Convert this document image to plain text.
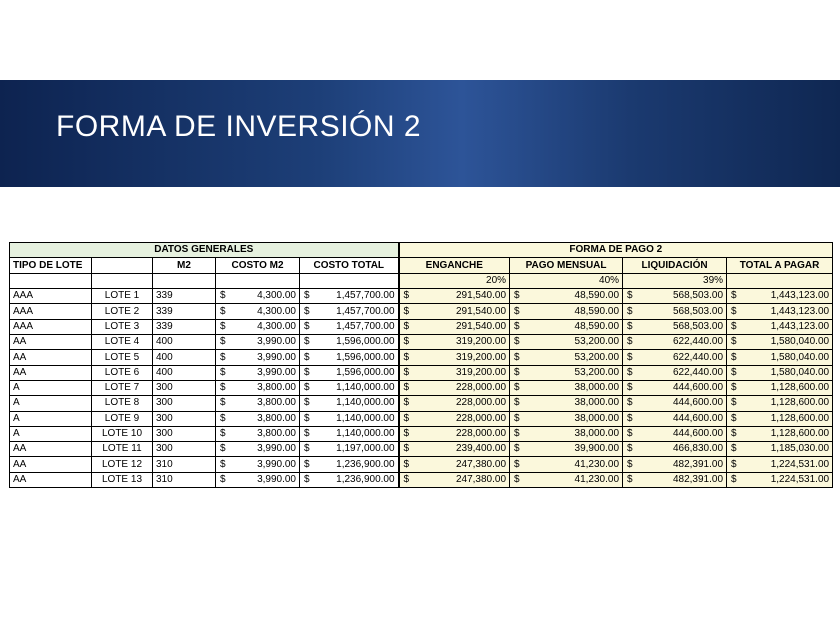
FORMA DE INVERSIÓN 2
DATOS GENERALES					FORMA DE PAGO 2			
TIPO DE LOTE		M2	COSTO M2	COSTO TOTAL	ENGANCHE	PAGO MENSUAL	LIQUIDACIÓN	TOTAL A PAGAR
					20%	40%	39%	
AAA	LOTE 1	339	$ 4,300.00	$ 1,457,700.00	$ 291,540.00	$ 48,590.00	$ 568,503.00	$ 1,443,123.00

AAA	LOTE 2	339	$ 4,300.00	$ 1,457,700.00	$ 291,540.00	$ 48,590.00	$ 568,503.00	$ 1,443,123.00

AAA	LOTE 3	339	$ 4,300.00	$ 1,457,700.00	$ 291,540.00	$ 48,590.00	$ 568,503.00	$ 1,443,123.00

AA	LOTE 4	400	$ 3,990.00	$ 1,596,000.00	$ 319,200.00	$ 53,200.00	$ 622,440.00	$ 1,580,040.00

AA	LOTE 5	400	$ 3,990.00	$ 1,596,000.00	$ 319,200.00	$ 53,200.00	$ 622,440.00	$ 1,580,040.00

AA	LOTE 6	400	$ 3,990.00	$ 1,596,000.00	$ 319,200.00	$ 53,200.00	$ 622,440.00	$ 1,580,040.00

A	LOTE 7	300	$ 3,800.00	$ 1,140,000.00	$ 228,000.00	$ 38,000.00	$ 444,600.00	$ 1,128,600.00

A	LOTE 8	300	$ 3,800.00	$ 1,140,000.00	$ 228,000.00	$ 38,000.00	$ 444,600.00	$ 1,128,600.00

A	LOTE 9	300	$ 3,800.00	$ 1,140,000.00	$ 228,000.00	$ 38,000.00	$ 444,600.00	$ 1,128,600.00

A	LOTE 10	300	$ 3,800.00	$ 1,140,000.00	$ 228,000.00	$ 38,000.00	$ 444,600.00	$ 1,128,600.00

AA	LOTE 11	300	$ 3,990.00	$ 1,197,000.00	$ 239,400.00	$ 39,900.00	$ 466,830.00	$ 1,185,030.00

AA	LOTE 12	310	$ 3,990.00	$ 1,236,900.00	$ 247,380.00	$ 41,230.00	$ 482,391.00	$ 1,224,531.00

AA	LOTE 13	310	$ 3,990.00	$ 1,236,900.00	$ 247,380.00	$ 41,230.00	$ 482,391.00	$ 1,224,531.00
